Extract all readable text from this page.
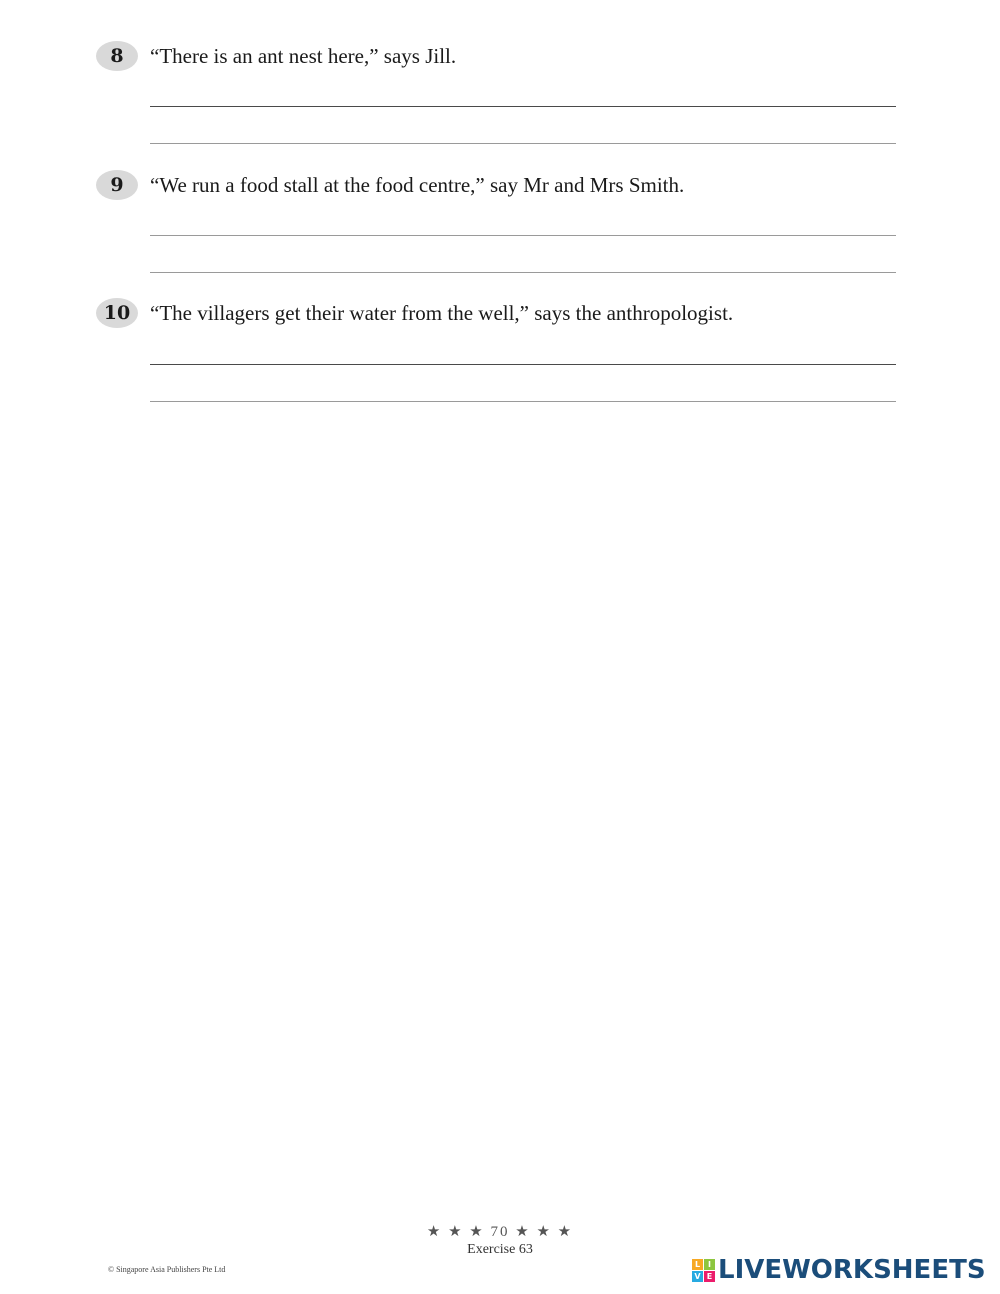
8	“There is an ant nest here,” says Jill.
9	“We run a food stall at the food centre,” say Mr and Mrs Smith.
10 “The villagers get their water from the well,” says the anthropologist.
★ ★ ★ 70 ★ ★ ★
Exercise 63
© Singapore Asia Publishers Pte Ltd
L I
V E LIVEWORKSHEETS
